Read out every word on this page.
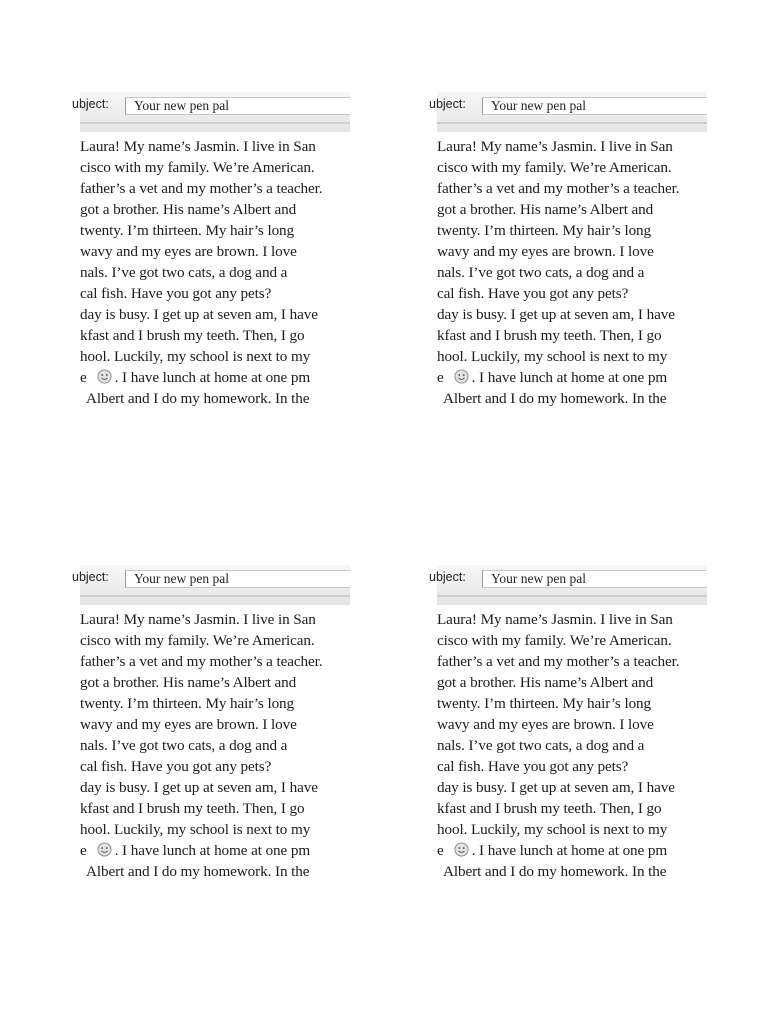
ubject:	Your new pen pal
Laura! My name’s Jasmin. I live in San
cisco with my family. We’re American.
father’s a vet and my mother’s a teacher.
got a brother. His name’s Albert and
twenty. I’m thirteen. My hair’s long
wavy and my eyes are brown. I love
nals. I’ve got two cats, a dog and a
cal fish. Have you got any pets?
day is busy. I get up at seven am, I have
kfast and I brush my teeth. Then, I go
hool. Luckily, my school is next to my
e . I have lunch at home at one pm
Albert and I do my homework. In the
ubject:	Your new pen pal
Laura! My name’s Jasmin. I live in San
cisco with my family. We’re American.
father’s a vet and my mother’s a teacher.
got a brother. His name’s Albert and
twenty. I’m thirteen. My hair’s long
wavy and my eyes are brown. I love
nals. I’ve got two cats, a dog and a
cal fish. Have you got any pets?
day is busy. I get up at seven am, I have
kfast and I brush my teeth. Then, I go
hool. Luckily, my school is next to my
e . I have lunch at home at one pm
Albert and I do my homework. In the
ubject:	Your new pen pal
Laura! My name’s Jasmin. I live in San
cisco with my family. We’re American.
father’s a vet and my mother’s a teacher.
got a brother. His name’s Albert and
twenty. I’m thirteen. My hair’s long
wavy and my eyes are brown. I love
nals. I’ve got two cats, a dog and a
cal fish. Have you got any pets?
day is busy. I get up at seven am, I have
kfast and I brush my teeth. Then, I go
hool. Luckily, my school is next to my
e . I have lunch at home at one pm
Albert and I do my homework. In the
ubject:	Your new pen pal
Laura! My name’s Jasmin. I live in San
cisco with my family. We’re American.
father’s a vet and my mother’s a teacher.
got a brother. His name’s Albert and
twenty. I’m thirteen. My hair’s long
wavy and my eyes are brown. I love
nals. I’ve got two cats, a dog and a
cal fish. Have you got any pets?
day is busy. I get up at seven am, I have
kfast and I brush my teeth. Then, I go
hool. Luckily, my school is next to my
e . I have lunch at home at one pm
Albert and I do my homework. In the
